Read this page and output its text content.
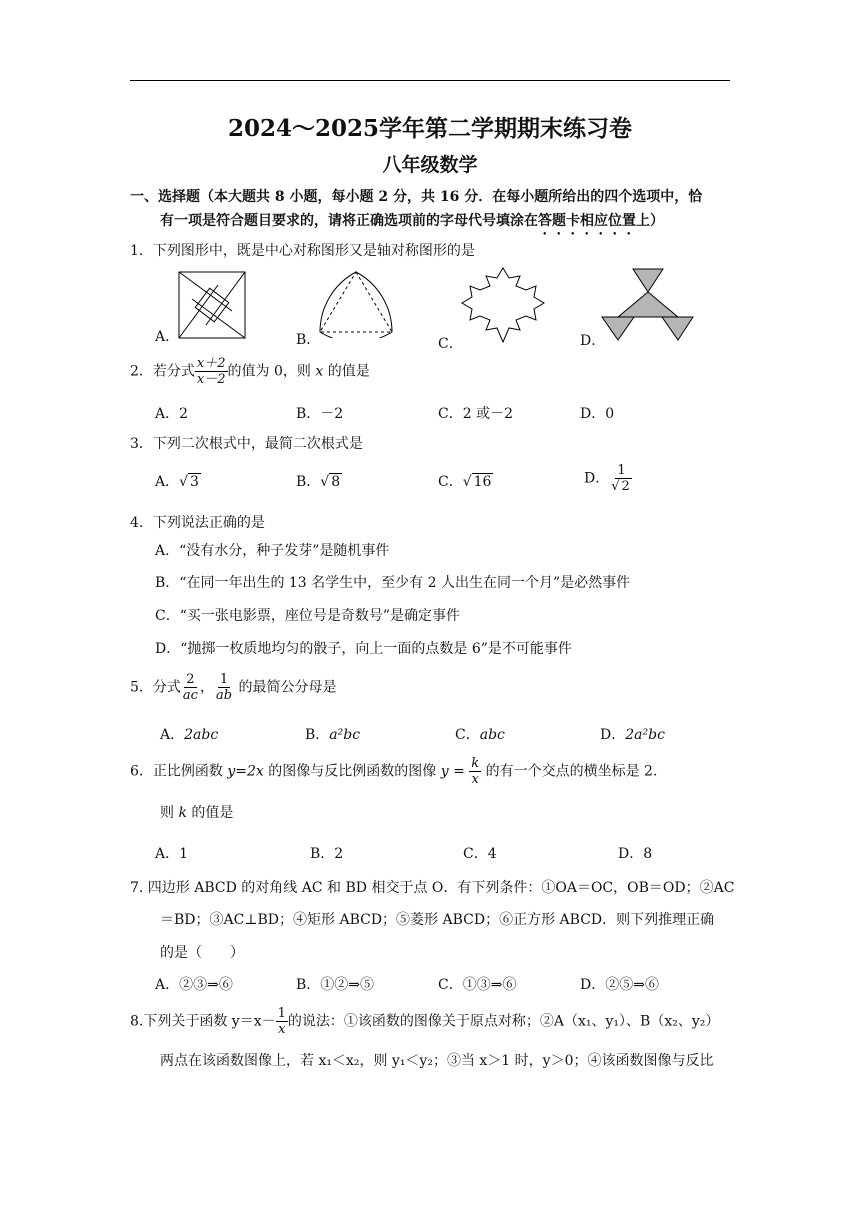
2024～2025学年第二学期期末练习卷
八年级数学
一、选择题（本大题共 8 小题，每小题 2 分，共 16 分．在每小题所给出的四个选项中，恰
有一项是符合题目要求的，请将正确选项前的字母代号填涂在答题卡相应位置上）
1．下列图形中，既是中心对称图形又是轴对称图形的是
A．	B．	C．	D．
2．若分式 $\frac{x+2}{x-2}$ 的值为 0，则 x 的值是
A．2	B．－2	C．2 或－2	D．0
3．下列二次根式中，最简二次根式是
A．√ 3	B．√ 8	C．√ 16	D． $\frac{1}{√ 2}$
4．下列说法正确的是
A．“没有水分，种子发芽”是随机事件
B．“在同一年出生的 13 名学生中，至少有 2 人出生在同一个月”是必然事件
C．“买一张电影票，座位号是奇数号”是确定事件
D．“抛掷一枚质地均匀的骰子，向上一面的点数是 6”是不可能事件
5．分式 $\frac{2}{ac}$ ， $\frac{1}{ab}$ 的最简公分母是
A．2abc	B．a²bc	C．abc	D．2a²bc
6．正比例函数 y=2x 的图像与反比例函数的图像 $y = \frac{k}{x}$ 的有一个交点的横坐标是 2.
则 k 的值是
A．1	B．2	C．4	D．8
7. 四边形 ABCD 的对角线 AC 和 BD 相交于点 O．有下列条件：①OA＝OC，OB＝OD；②AC
＝BD；③AC⊥BD；④矩形 ABCD；⑤菱形 ABCD；⑥正方形 ABCD．则下列推理正确
的是（　　）
A．②③⇒⑥	B．①②⇒⑤	C．①③⇒⑥	D．②⑤⇒⑥
8.下列关于函数 $y=x- \frac{1}{x}$ 的说法：①该函数的图像关于原点对称；②A（x₁、y₁）、B（x₂、y₂）
两点在该函数图像上，若 x₁＜x₂，则 y₁＜y₂；③当 x＞1 时，y＞0；④该函数图像与反比
